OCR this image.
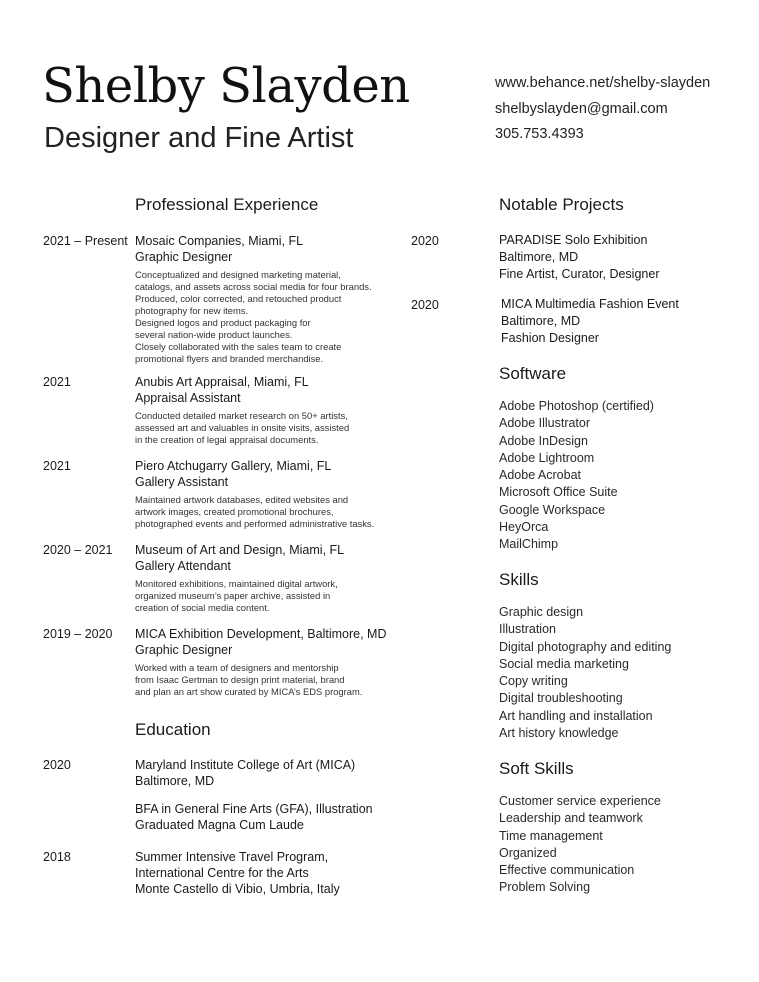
Shelby Slayden
Designer and Fine Artist
www.behance.net/shelby-slayden
shelbyslayden@gmail.com
305.753.4393
Professional Experience
2021 – Present Mosaic Companies, Miami, FL
Graphic Designer
Conceptualized and designed marketing material,
catalogs, and assets across social media for four brands.
Produced, color corrected, and retouched product
photography for new items.
Designed logos and product packaging for
several nation-wide product launches.
Closely collaborated with the sales team to create
promotional flyers and branded merchandise.
2021	Anubis Art Appraisal, Miami, FL
Appraisal Assistant
Conducted detailed market research on 50+ artists,
assessed art and valuables in onsite visits, assisted
in the creation of legal appraisal documents.
2021	Piero Atchugarry Gallery, Miami, FL
Gallery Assistant
Maintained artwork databases, edited websites and
artwork images, created promotional brochures,
photographed events and performed administrative tasks.
2020 – 2021 Museum of Art and Design, Miami, FL
Gallery Attendant
Monitored exhibitions, maintained digital artwork,
organized museum’s paper archive, assisted in
creation of social media content.
2019 – 2020 MICA Exhibition Development, Baltimore, MD
Graphic Designer
Worked with a team of designers and mentorship
from Isaac Gertman to design print material, brand
and plan an art show curated by MICA’s EDS program.
Education
2020	Maryland Institute College of Art (MICA)
Baltimore, MD
BFA in General Fine Arts (GFA), Illustration
Graduated Magna Cum Laude
2018	Summer Intensive Travel Program,
International Centre for the Arts
Monte Castello di Vibio, Umbria, Italy
Notable Projects
2020	PARADISE Solo Exhibition
Baltimore, MD
Fine Artist, Curator, Designer
2020	MICA Multimedia Fashion Event
Baltimore, MD
Fashion Designer
Software
Adobe Photoshop (certified)
Adobe Illustrator
Adobe InDesign
Adobe Lightroom
Adobe Acrobat
Microsoft Office Suite
Google Workspace
HeyOrca
MailChimp
Skills
Graphic design
Illustration
Digital photography and editing
Social media marketing
Copy writing
Digital troubleshooting
Art handling and installation
Art history knowledge
Soft Skills
Customer service experience
Leadership and teamwork
Time management
Organized
Effective communication
Problem Solving
